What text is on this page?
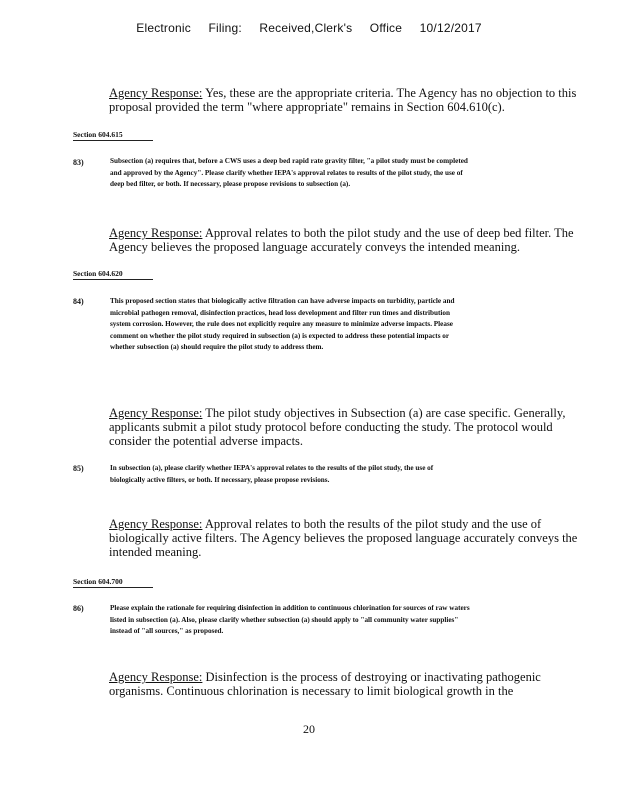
Electronic Filing: Received,Clerk's Office 10/12/2017

Agency Response: Yes, these are the appropriate criteria. The Agency has no objection to this proposal provided the term "where appropriate" remains in Section 604.610(c).

Section 604.615
83)	Subsection (a) requires that, before a CWS uses a deep bed rapid rate gravity filter, "a pilot study must be completed and approved by the Agency". Please clarify whether IEPA's approval relates to results of the pilot study, the use of deep bed filter, or both. If necessary, please propose revisions to subsection (a).

Agency Response: Approval relates to both the pilot study and the use of deep bed filter. The Agency believes the proposed language accurately conveys the intended meaning.

Section 604.620
84)	This proposed section states that biologically active filtration can have adverse impacts on turbidity, particle and microbial pathogen removal, disinfection practices, head loss development and filter run times and distribution system corrosion. However, the rule does not explicitly require any measure to minimize adverse impacts. Please comment on whether the pilot study required in subsection (a) is expected to address these potential impacts or whether subsection (a) should require the pilot study to address them.

Agency Response: The pilot study objectives in Subsection (a) are case specific. Generally, applicants submit a pilot study protocol before conducting the study. The protocol would consider the potential adverse impacts.

85)	In subsection (a), please clarify whether IEPA's approval relates to the results of the pilot study, the use of biologically active filters, or both. If necessary, please propose revisions.

Agency Response: Approval relates to both the results of the pilot study and the use of biologically active filters. The Agency believes the proposed language accurately conveys the intended meaning.

Section 604.700
86)	Please explain the rationale for requiring disinfection in addition to continuous chlorination for sources of raw waters listed in subsection (a). Also, please clarify whether subsection (a) should apply to "all community water supplies" instead of "all sources," as proposed.

Agency Response: Disinfection is the process of destroying or inactivating pathogenic organisms. Continuous chlorination is necessary to limit biological growth in the

20
